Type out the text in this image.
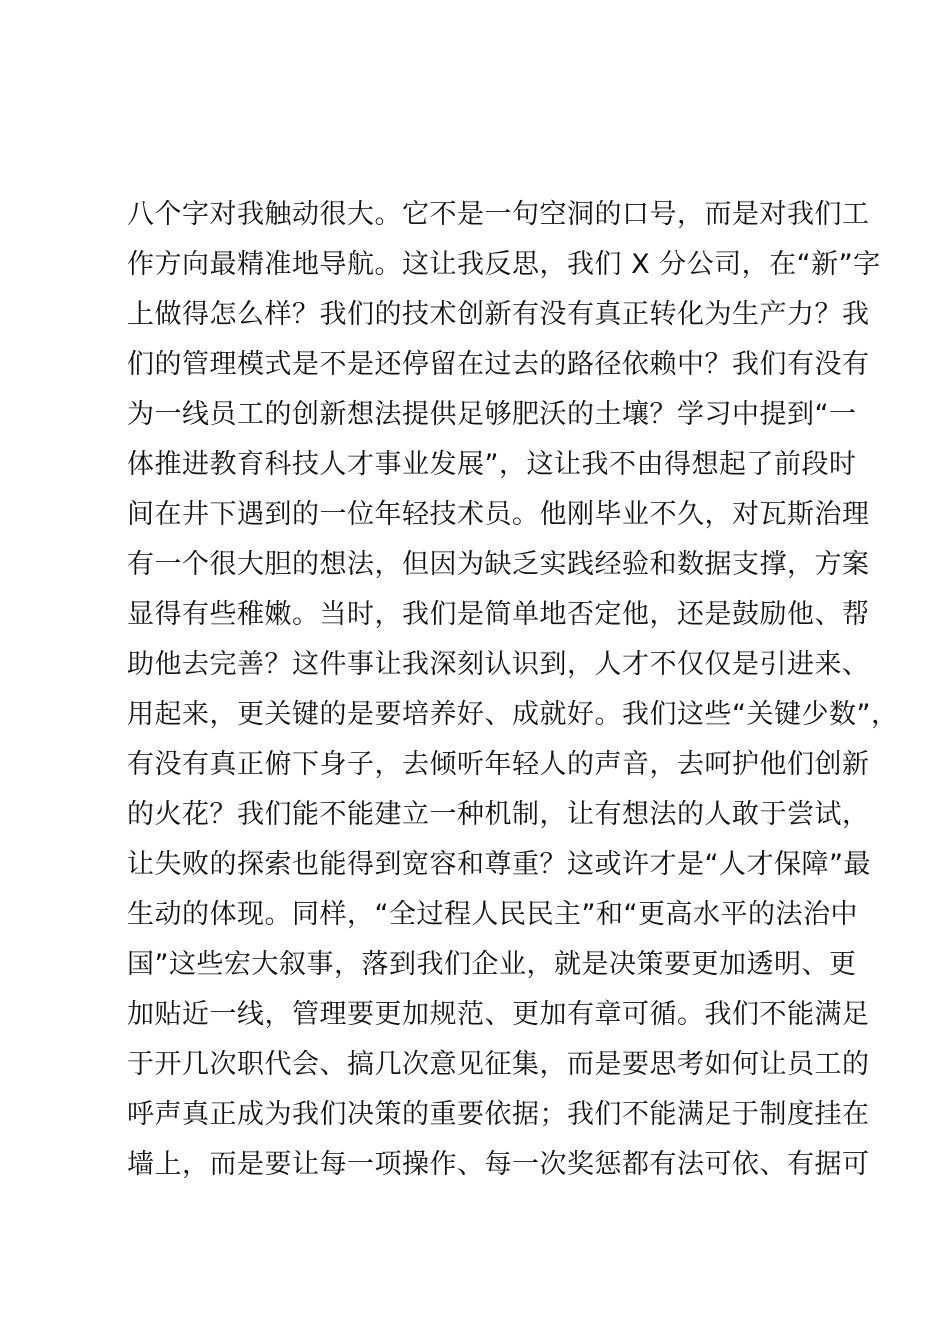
八个字对我触动很大。它不是一句空洞的口号，而是对我们工
作方向最精准地导航。这让我反思，我们 X 分公司，在“新”字
上做得怎么样？我们的技术创新有没有真正转化为生产力？我
们的管理模式是不是还停留在过去的路径依赖中？我们有没有
为一线员工的创新想法提供足够肥沃的土壤？学习中提到“一
体推进教育科技人才事业发展”，这让我不由得想起了前段时
间在井下遇到的一位年轻技术员。他刚毕业不久，对瓦斯治理
有一个很大胆的想法，但因为缺乏实践经验和数据支撑，方案
显得有些稚嫩。当时，我们是简单地否定他，还是鼓励他、帮
助他去完善？这件事让我深刻认识到，人才不仅仅是引进来、
用起来，更关键的是要培养好、成就好。我们这些“关键少数”，
有没有真正俯下身子，去倾听年轻人的声音，去呵护他们创新
的火花？我们能不能建立一种机制，让有想法的人敢于尝试，
让失败的探索也能得到宽容和尊重？这或许才是“人才保障”最
生动的体现。同样，“全过程人民民主”和“更高水平的法治中
国”这些宏大叙事，落到我们企业，就是决策要更加透明、更
加贴近一线，管理要更加规范、更加有章可循。我们不能满足
于开几次职代会、搞几次意见征集，而是要思考如何让员工的
呼声真正成为我们决策的重要依据；我们不能满足于制度挂在
墙上，而是要让每一项操作、每一次奖惩都有法可依、有据可
